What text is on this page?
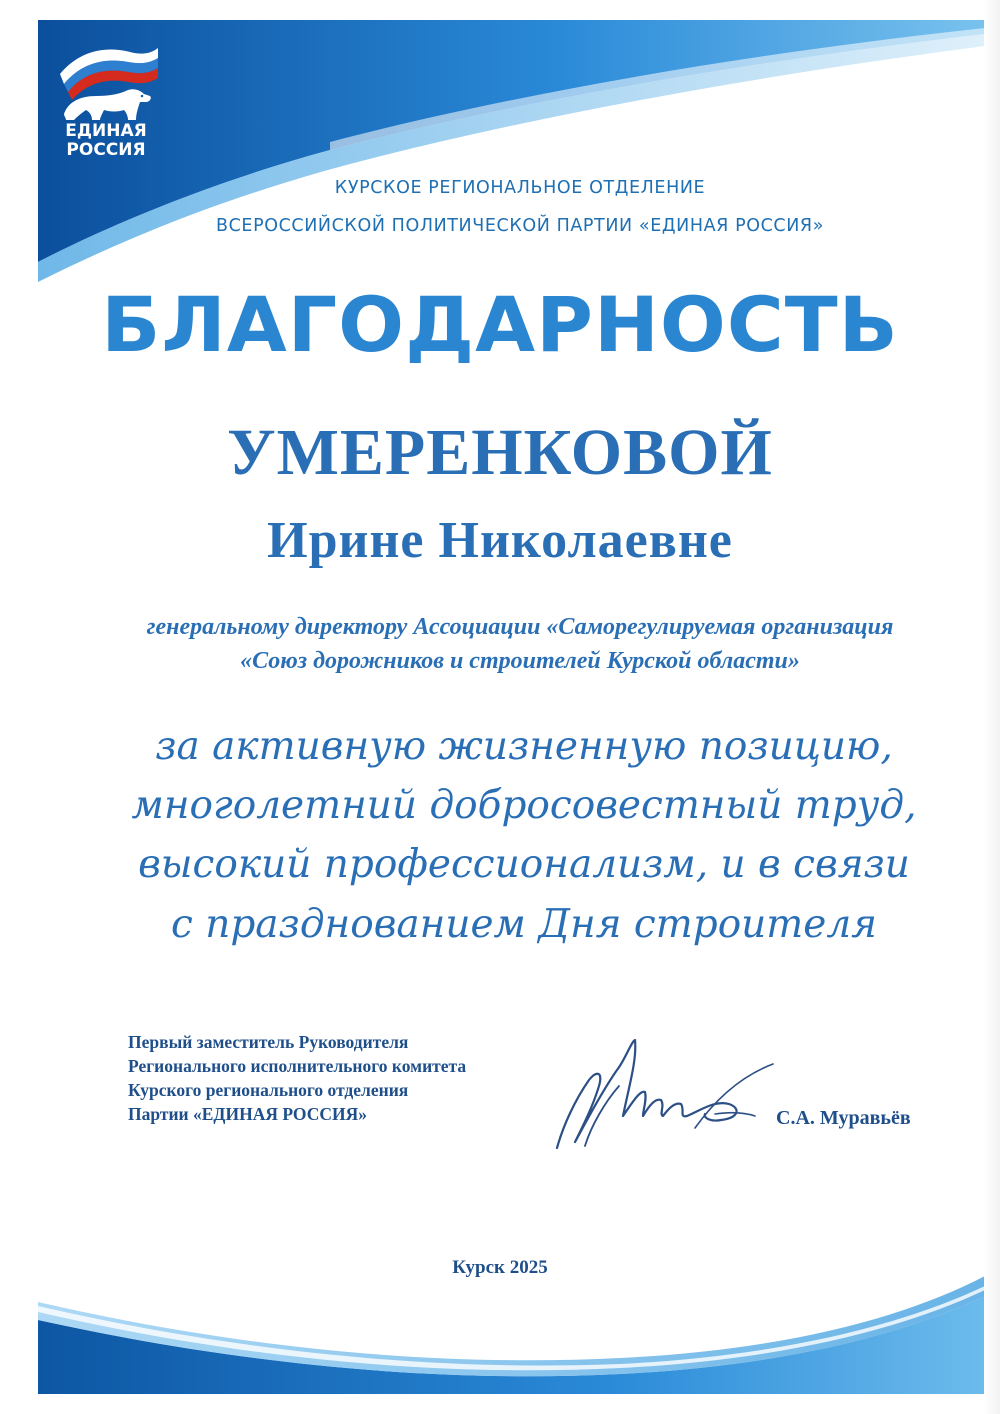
ЕДИНАЯ
РОССИЯ
КУРСКОЕ РЕГИОНАЛЬНОЕ ОТДЕЛЕНИЕ
ВСЕРОССИЙСКОЙ ПОЛИТИЧЕСКОЙ ПАРТИИ «ЕДИНАЯ РОССИЯ»
БЛАГОДАРНОСТЬ
УМЕРЕНКОВОЙ
Ирине Николаевне
генеральному директору Ассоциации «Саморегулируемая организация
«Союз дорожников и строителей Курской области»
за активную жизненную позицию,
многолетний добросовестный труд,
высокий профессионализм, и в связи
с празднованием Дня строителя
Первый заместитель Руководителя
Регионального исполнительного комитета
Курского регионального отделения
Партии «ЕДИНАЯ РОССИЯ»	С.А. Муравьёв
Курск 2025
